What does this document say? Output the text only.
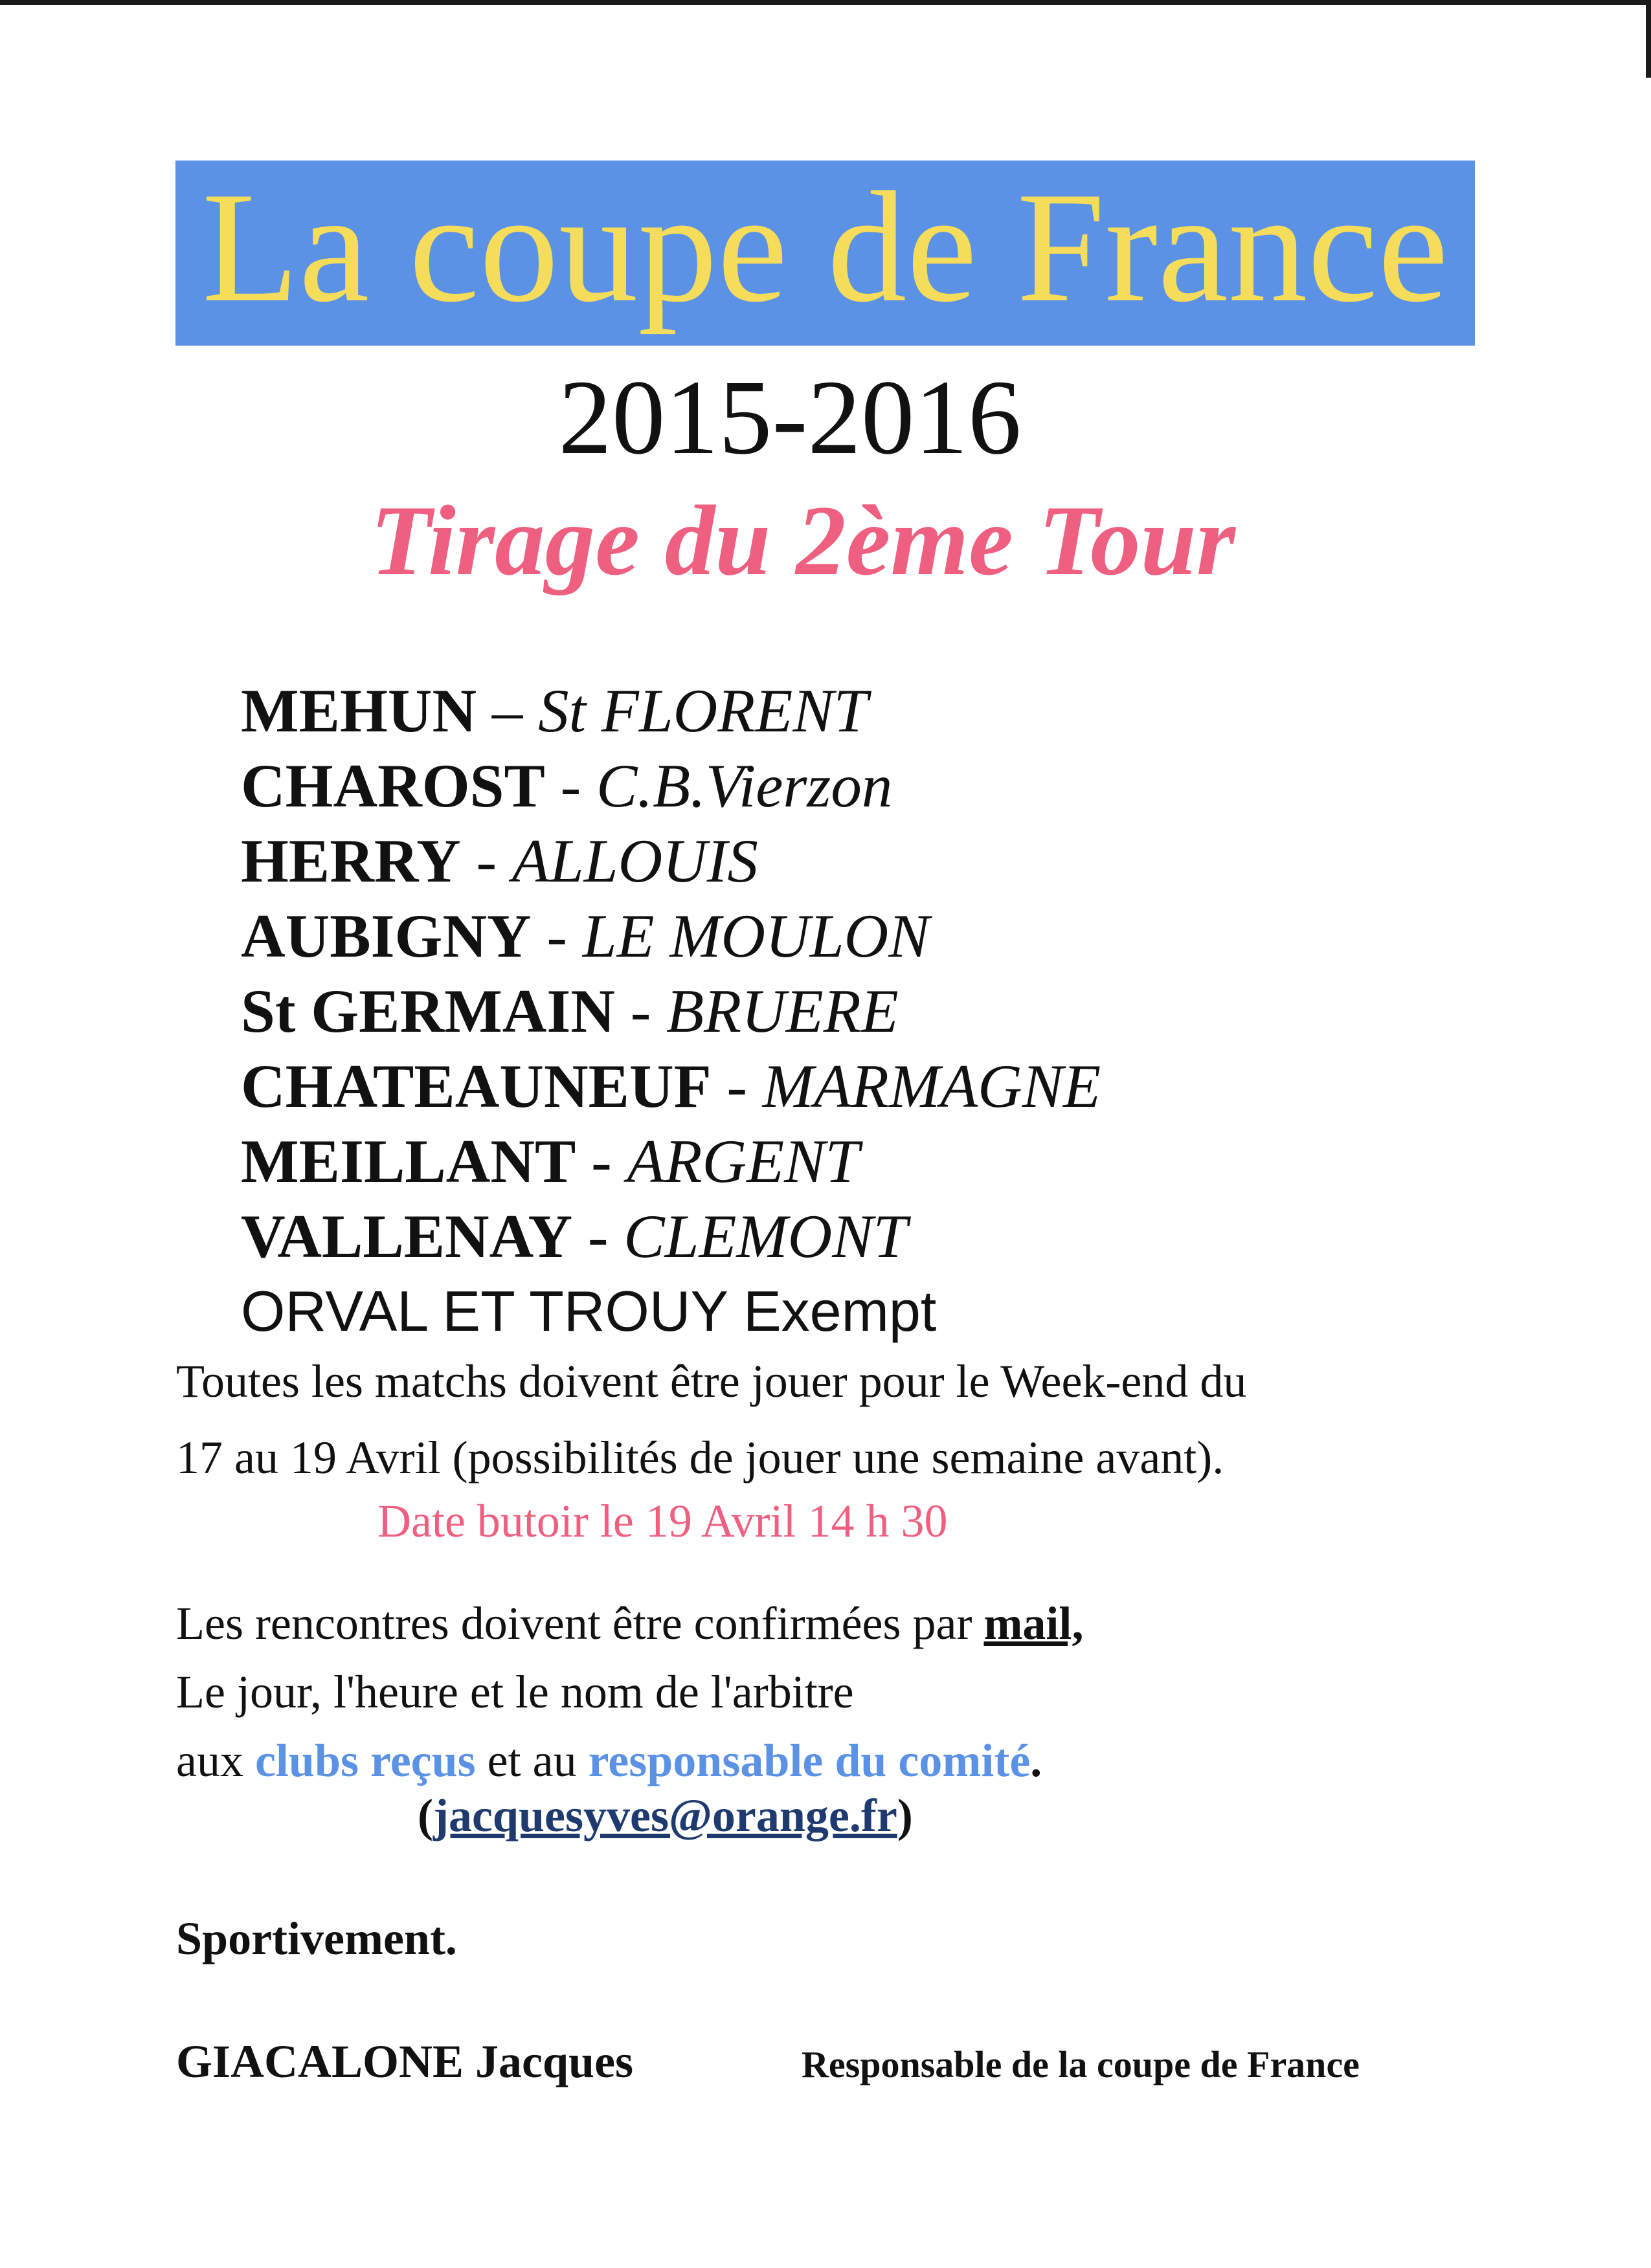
La coupe de France
2015-2016
Tirage du 2ème Tour
MEHUN – St FLORENT
CHAROST - C.B.Vierzon
HERRY - ALLOUIS
AUBIGNY - LE MOULON
St GERMAIN - BRUERE
CHATEAUNEUF - MARMAGNE
MEILLANT - ARGENT
VALLENAY - CLEMONT
ORVAL ET TROUY Exempt

Toutes les matchs doivent être jouer pour le Week-end du
17 au 19 Avril (possibilités de jouer une semaine avant).

Date butoir le 19 Avril 14 h 30

Les rencontres doivent être confirmées par mail,
Le jour, l'heure et le nom de l'arbitre
aux clubs reçus et au responsable du comité.

(jacquesyves@orange.fr)
Sportivement.
GIACALONE Jacques	Responsable de la coupe de France
